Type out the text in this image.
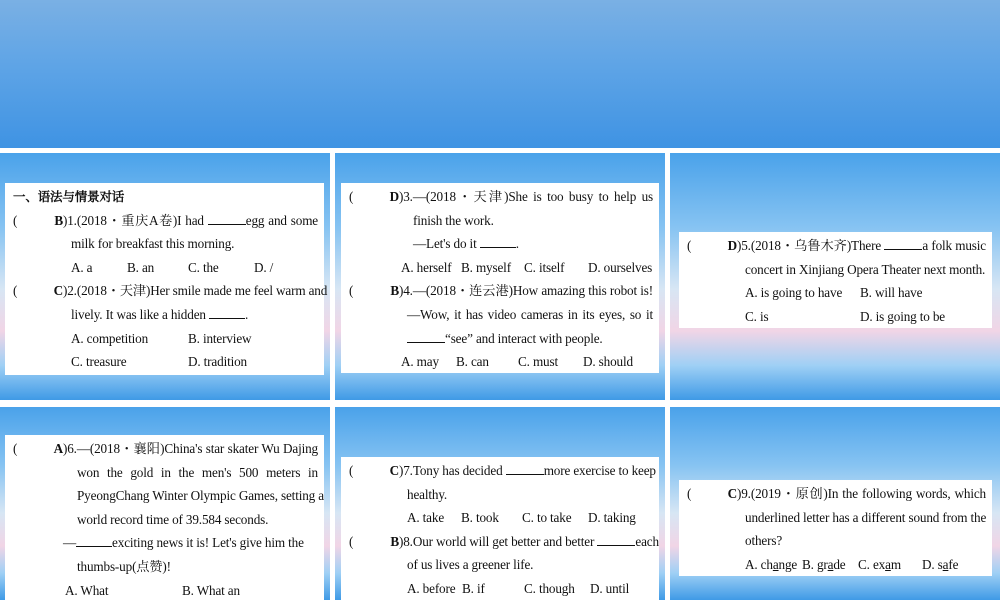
一、语法与情景对话
(	B)1.(2018・重庆A卷)I had	egg and some
milk for breakfast this morning.
A. a	B. an	C. the	D. /
(	C)2.(2018・天津)Her smile made me feel warm and
lively. It was like a hidden	.
A. competition	B. interview
C. treasure	D. tradition
(	D)3.—(2018・天津)She is too busy to help us
finish the work.
—Let's do it	.
A. herself B. myself C. itself	D. ourselves
(	B)4.—(2018・连云港)How amazing this robot is!
—Wow, it has video cameras in its eyes, so it
“see” and interact with people.
A. may	B. can	C. must	D. should
(	D)5.(2018・乌鲁木齐)There	a folk music
concert in Xinjiang Opera Theater next month.
A. is going to have	B. will have
C. is	D. is going to be
(	A)6.—(2018・襄阳)China's star skater Wu Dajing
won the gold in the men's 500 meters in
PyeongChang Winter Olympic Games, setting a
world record time of 39.584 seconds.
—	exciting news it is! Let's give him the
thumbs-up(点赞)!
A. What	B. What an
(	C)7.Tony has decided	more exercise to keep
healthy.
A. take	B. took	C. to take	D. taking
(	B)8.Our world will get better and better	each
of us lives a greener life.
A. before B. if	C. though	D. until
(	C)9.(2019・原创)In the following words, which
underlined letter has a different sound from the
others?
A. change B. grade C. exam	D. safe
